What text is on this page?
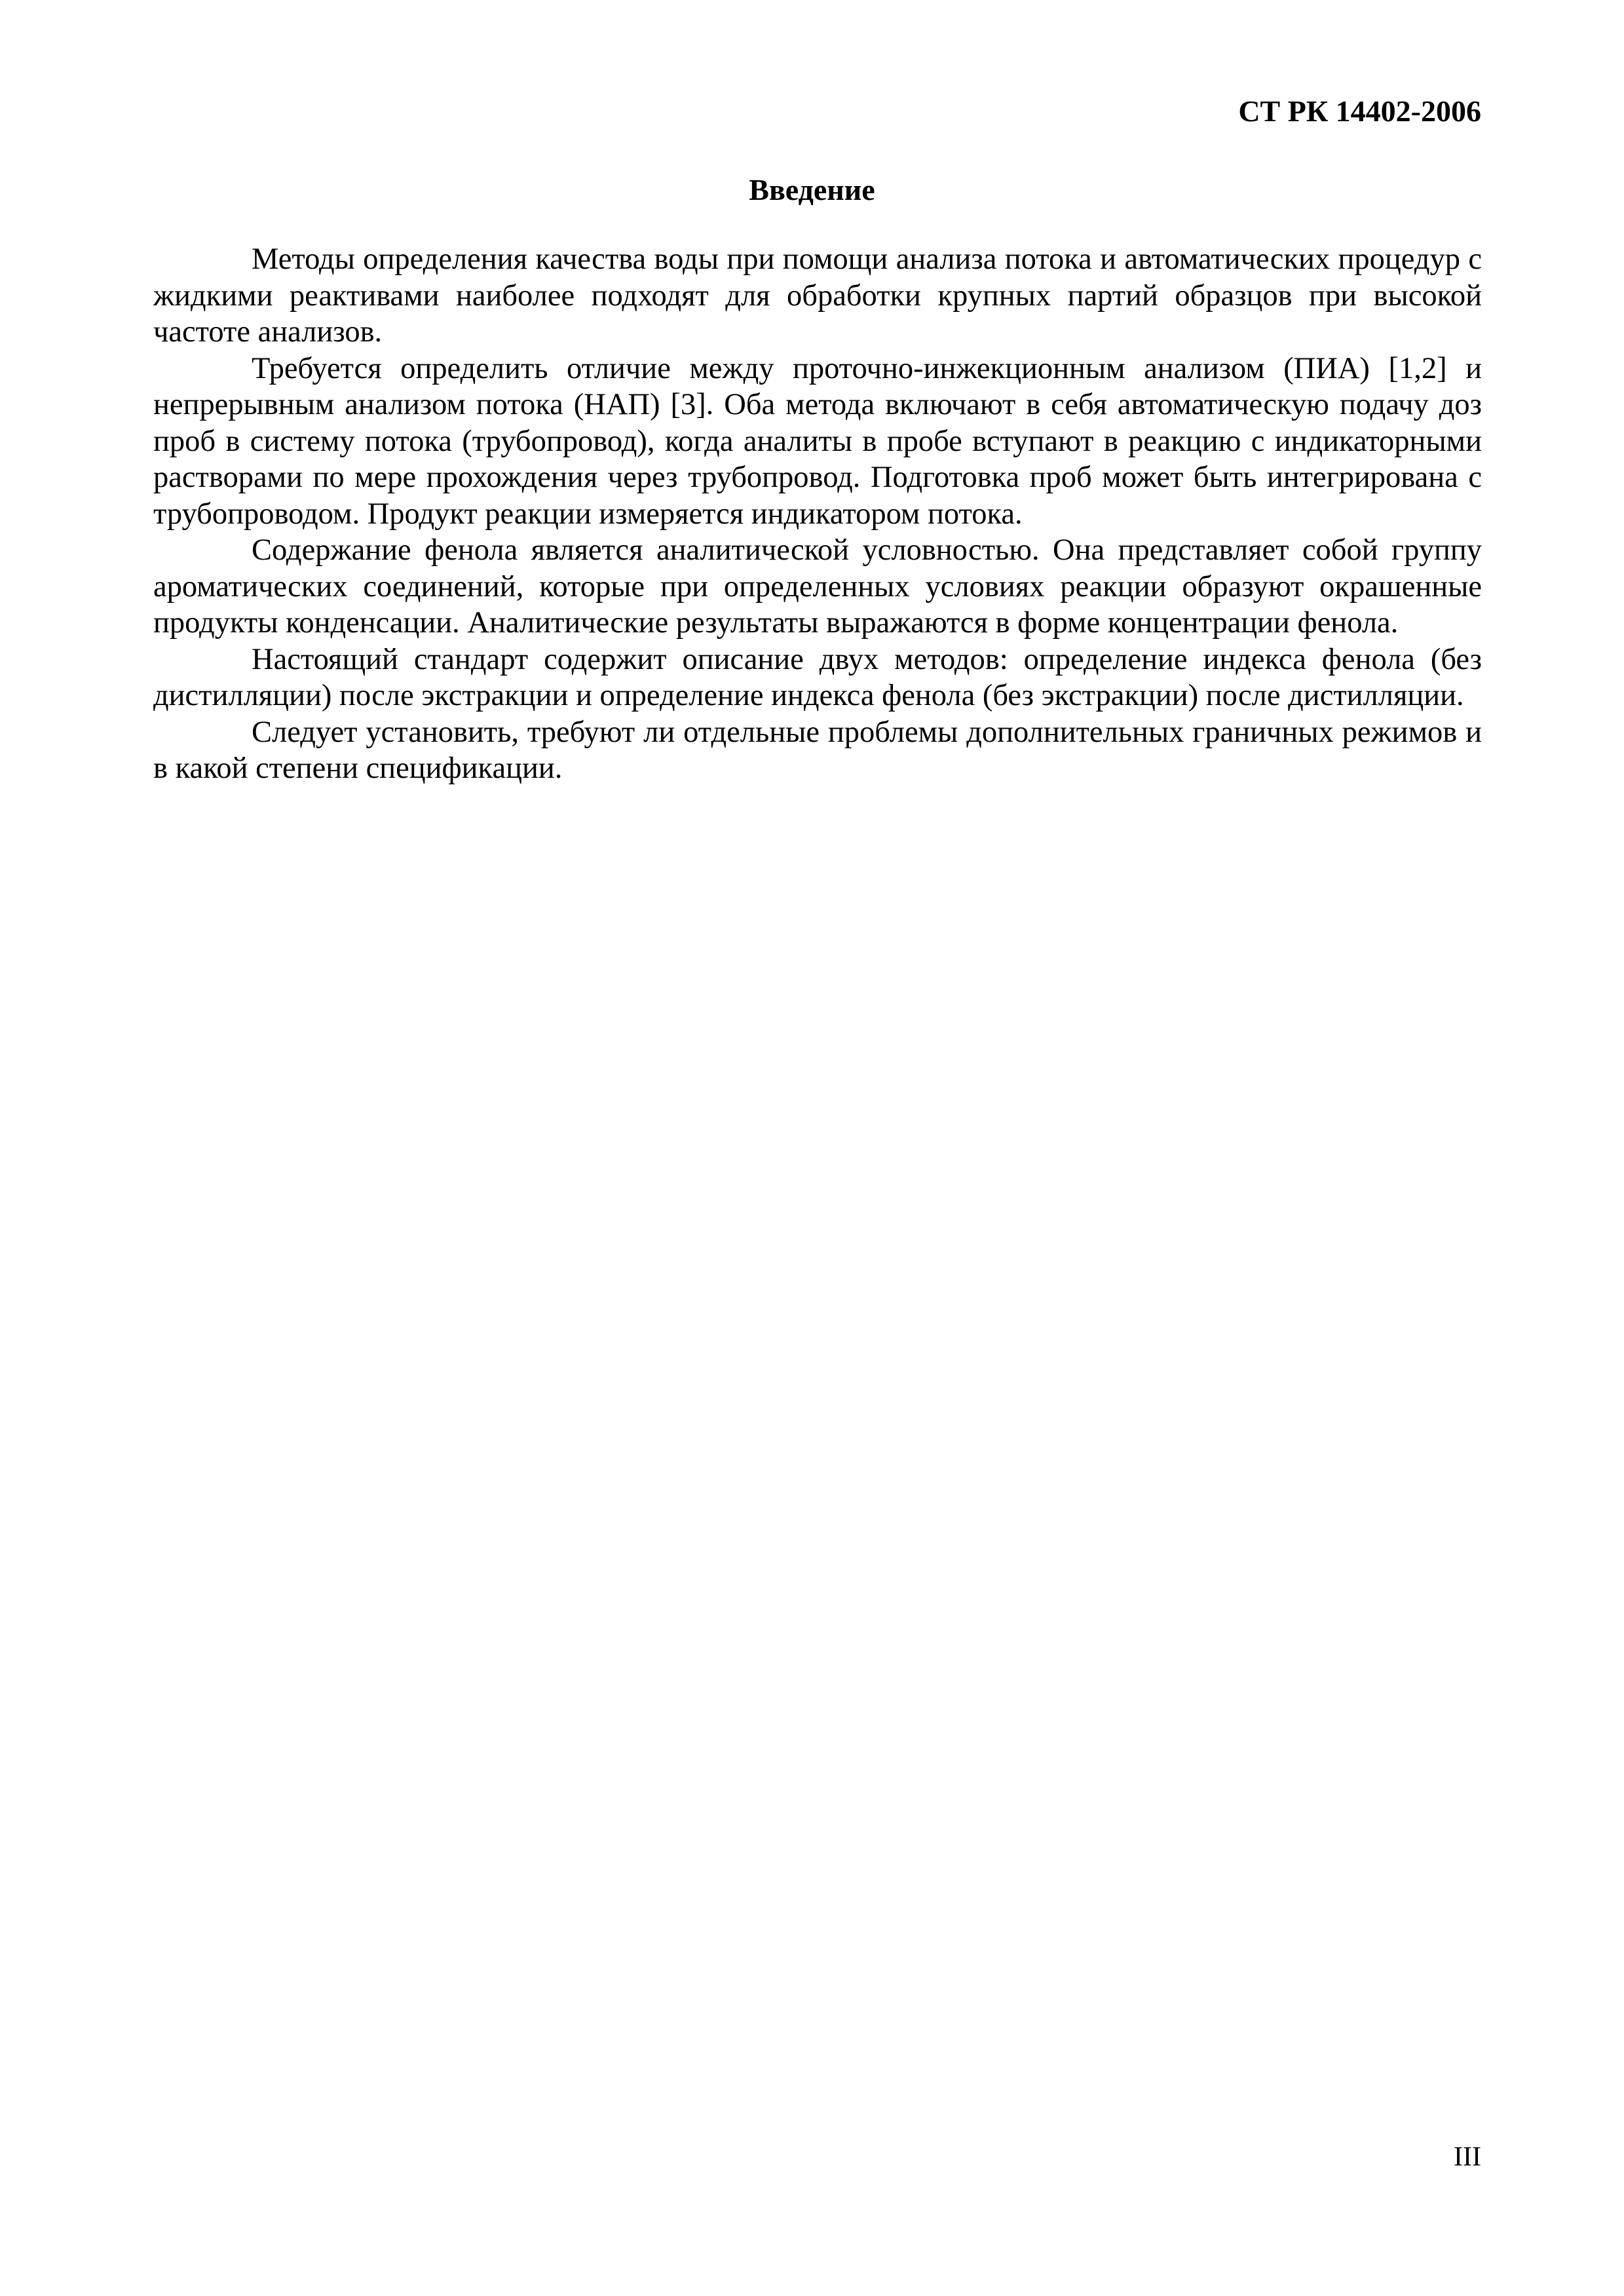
СТ РК 14402-2006
Введение

Методы определения качества воды при помощи анализа потока и автоматических процедур с жидкими реактивами наиболее подходят для обработки крупных партий образцов при высокой частоте анализов.

Требуется определить отличие между проточно-инжекционным анализом (ПИА) [1,2] и непрерывным анализом потока (НАП) [3]. Оба метода включают в себя автоматическую подачу доз проб в систему потока (трубопровод), когда аналиты в пробе вступают в реакцию с индикаторными растворами по мере прохождения через трубопровод. Подготовка проб может быть интегрирована с трубопроводом. Продукт реакции измеряется индикатором потока.

Содержание фенола является аналитической условностью. Она представляет собой группу ароматических соединений, которые при определенных условиях реакции образуют окрашенные продукты конденсации. Аналитические результаты выражаются в форме концентрации фенола.

Настоящий стандарт содержит описание двух методов: определение индекса фенола (без дистилляции) после экстракции и определение индекса фенола (без экстракции) после дистилляции.

Следует установить, требуют ли отдельные проблемы дополнительных граничных режимов и в какой степени спецификации.

III
